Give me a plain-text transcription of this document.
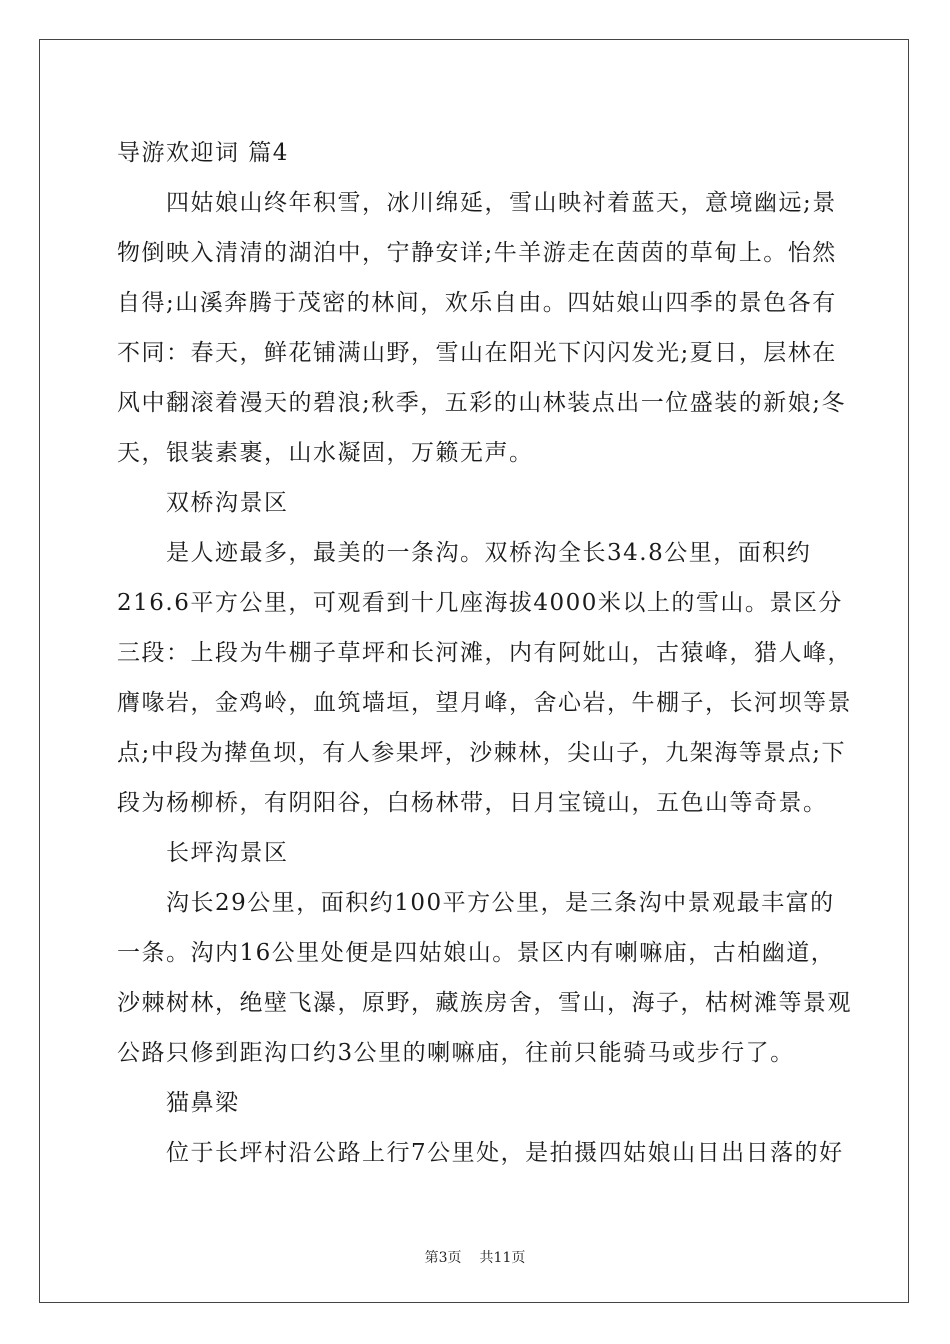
导游欢迎词 篇4

四姑娘山终年积雪，冰川绵延，雪山映衬着蓝天，意境幽远;景

物倒映入清清的湖泊中，宁静安详;牛羊游走在茵茵的草甸上。怡然

自得;山溪奔腾于茂密的林间，欢乐自由。四姑娘山四季的景色各有

不同：春天，鲜花铺满山野，雪山在阳光下闪闪发光;夏日，层林在

风中翻滚着漫天的碧浪;秋季，五彩的山林装点出一位盛装的新娘;冬

天，银装素裹，山水凝固，万籁无声。

双桥沟景区

是人迹最多，最美的一条沟。双桥沟全长34.8公里，面积约

216.6平方公里，可观看到十几座海拔4000米以上的雪山。景区分

三段：上段为牛棚子草坪和长河滩，内有阿妣山，古猿峰，猎人峰，

膺喙岩，金鸡岭，血筑墙垣，望月峰，舍心岩，牛棚子，长河坝等景

点;中段为撵鱼坝，有人参果坪，沙棘林，尖山子，九架海等景点;下

段为杨柳桥，有阴阳谷，白杨林带，日月宝镜山，五色山等奇景。

长坪沟景区

沟长29公里，面积约100平方公里，是三条沟中景观最丰富的

一条。沟内16公里处便是四姑娘山。景区内有喇嘛庙，古柏幽道，

沙棘树林，绝壁飞瀑，原野，藏族房舍，雪山，海子，枯树滩等景观

公路只修到距沟口约3公里的喇嘛庙，往前只能骑马或步行了。

猫鼻梁

位于长坪村沿公路上行7公里处，是拍摄四姑娘山日出日落的好

第3页 共11页
